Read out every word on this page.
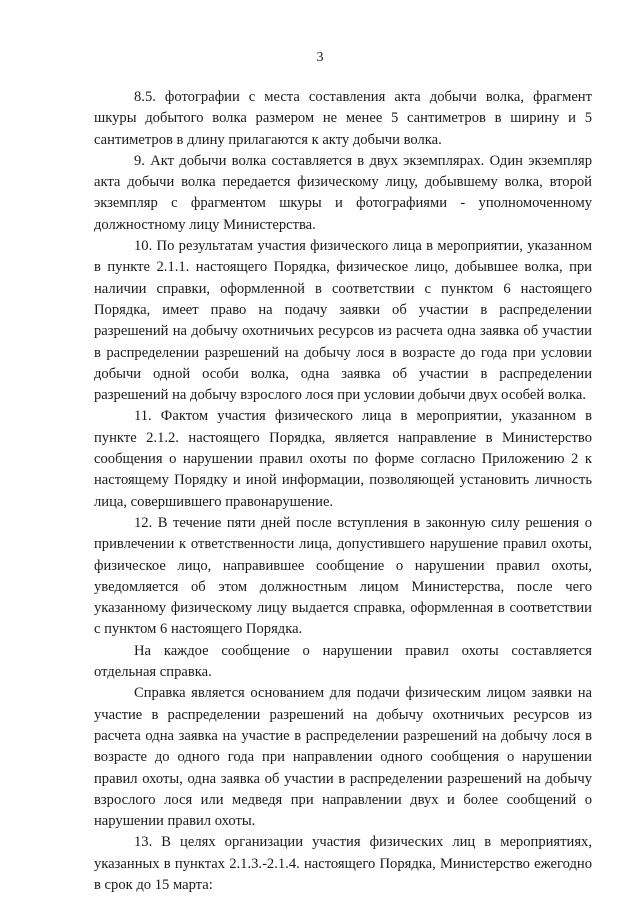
3

8.5. фотографии с места составления акта добычи волка, фрагмент шкуры добытого волка размером не менее 5 сантиметров в ширину и 5 сантиметров в длину прилагаются к акту добычи волка.

9. Акт добычи волка составляется в двух экземплярах. Один экземпляр акта добычи волка передается физическому лицу, добывшему волка, второй экземпляр с фрагментом шкуры и фотографиями - уполномоченному должностному лицу Министерства.

10. По результатам участия физического лица в мероприятии, указанном в пункте 2.1.1. настоящего Порядка, физическое лицо, добывшее волка, при наличии справки, оформленной в соответствии с пунктом 6 настоящего Порядка, имеет право на подачу заявки об участии в распределении разрешений на добычу охотничьих ресурсов из расчета одна заявка об участии в распределении разрешений на добычу лося в возрасте до года при условии добычи одной особи волка, одна заявка об участии в распределении разрешений на добычу взрослого лося при условии добычи двух особей волка.

11. Фактом участия физического лица в мероприятии, указанном в пункте 2.1.2. настоящего Порядка, является направление в Министерство сообщения о нарушении правил охоты по форме согласно Приложению 2 к настоящему Порядку и иной информации, позволяющей установить личность лица, совершившего правонарушение.

12. В течение пяти дней после вступления в законную силу решения о привлечении к ответственности лица, допустившего нарушение правил охоты, физическое лицо, направившее сообщение о нарушении правил охоты, уведомляется об этом должностным лицом Министерства, после чего указанному физическому лицу выдается справка, оформленная в соответствии с пунктом 6 настоящего Порядка.

На каждое сообщение о нарушении правил охоты составляется отдельная справка.

Справка является основанием для подачи физическим лицом заявки на участие в распределении разрешений на добычу охотничьих ресурсов из расчета одна заявка на участие в распределении разрешений на добычу лося в возрасте до одного года при направлении одного сообщения о нарушении правил охоты, одна заявка об участии в распределении разрешений на добычу взрослого лося или медведя при направлении двух и более сообщений о нарушении правил охоты.

13. В целях организации участия физических лиц в мероприятиях, указанных в пунктах 2.1.3.-2.1.4. настоящего Порядка, Министерство ежегодно в срок до 15 марта:
